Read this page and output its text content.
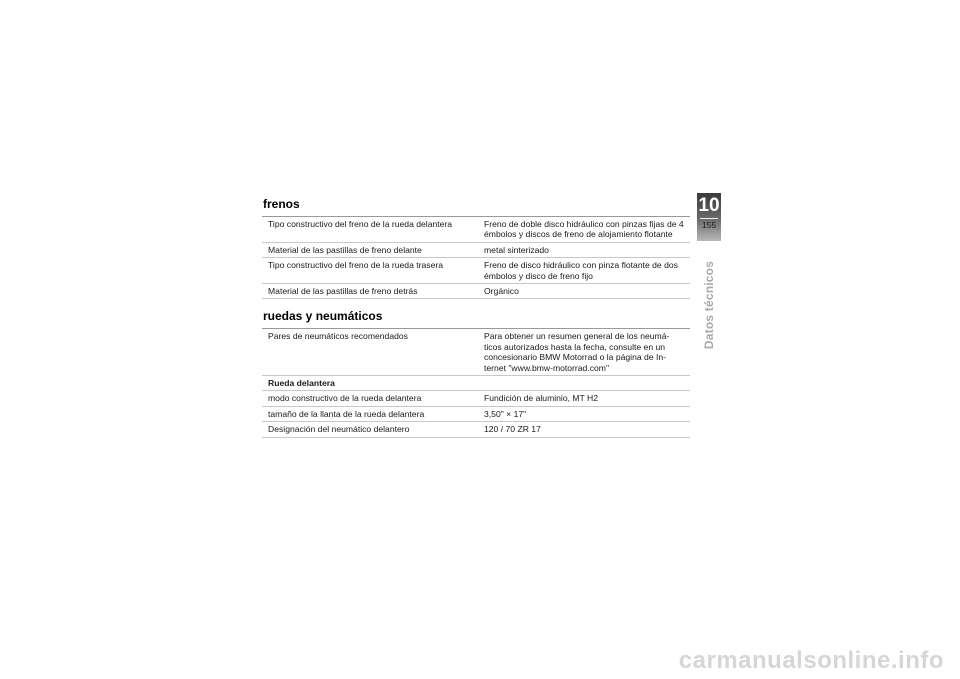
frenos
Tipo constructivo del freno de la rueda delantera	Freno de doble disco hidráulico con pinzas fijas de 4 émbolos y discos de freno de alojamiento flotante
Material de las pastillas de freno delante	metal sinterizado
Tipo constructivo del freno de la rueda trasera	Freno de disco hidráulico con pinza flotante de dos émbolos y disco de freno fijo
Material de las pastillas de freno detrás	Orgánico
ruedas y neumáticos
Pares de neumáticos recomendados	Para obtener un resumen general de los neumá-ticos autorizados hasta la fecha, consulte en un concesionario BMW Motorrad o la página de In-ternet "www.bmw-motorrad.com"
Rueda delantera	
modo constructivo de la rueda delantera	Fundición de aluminio, MT H2
tamaño de la llanta de la rueda delantera	3,50" × 17"
Designación del neumático delantero	120 / 70 ZR 17
10
155
Datos técnicos
carmanualsonline.info
